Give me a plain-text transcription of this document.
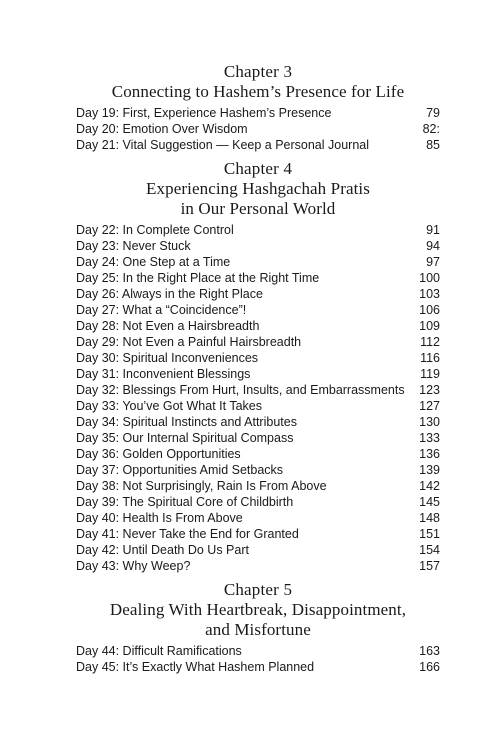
Chapter 3
Connecting to Hashem’s Presence for Life
Day 19: First, Experience Hashem’s Presence	79
Day 20: Emotion Over Wisdom	82:
Day 21: Vital Suggestion — Keep a Personal Journal	85
Chapter 4
Experiencing Hashgachah Pratis
in Our Personal World
Day 22: In Complete Control	91
Day 23: Never Stuck	94
Day 24: One Step at a Time	97
Day 25: In the Right Place at the Right Time	100
Day 26: Always in the Right Place	103
Day 27: What a “Coincidence”!	106
Day 28: Not Even a Hairsbreadth	109
Day 29: Not Even a Painful Hairsbreadth	112
Day 30: Spiritual Inconveniences	116
Day 31: Inconvenient Blessings	119
Day 32: Blessings From Hurt, Insults, and Embarrassments	123
Day 33: You’ve Got What It Takes	127
Day 34: Spiritual Instincts and Attributes	130
Day 35: Our Internal Spiritual Compass	133
Day 36: Golden Opportunities	136
Day 37: Opportunities Amid Setbacks	139
Day 38: Not Surprisingly, Rain Is From Above	142
Day 39: The Spiritual Core of Childbirth	145
Day 40: Health Is From Above	148
Day 41: Never Take the End for Granted	151
Day 42: Until Death Do Us Part	154
Day 43: Why Weep?	157
Chapter 5
Dealing With Heartbreak, Disappointment,
and Misfortune
Day 44: Difficult Ramifications	163
Day 45: It’s Exactly What Hashem Planned	166
